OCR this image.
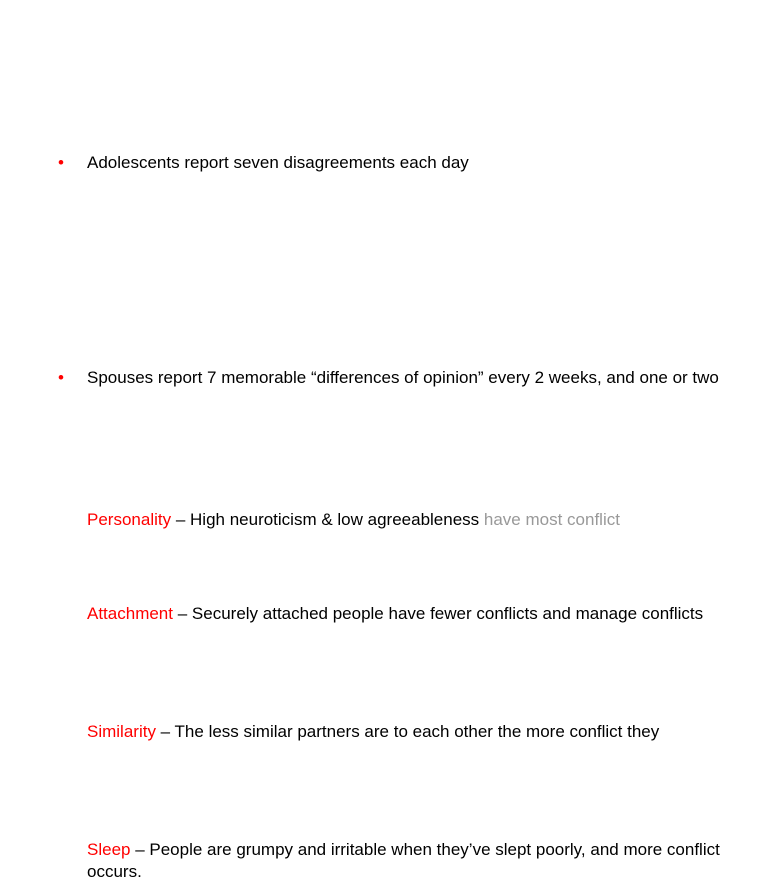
•	Adolescents report seven disagreements each day
•	Spouses report 7 memorable “differences of opinion” every 2 weeks, and one or two
Personality – High neuroticism & low agreeableness have most conflict
Attachment – Securely attached people have fewer conflicts and manage conflicts
Similarity – The less similar partners are to each other the more conflict they
Sleep – People are grumpy and irritable when they’ve slept poorly, and more conflict occurs.
